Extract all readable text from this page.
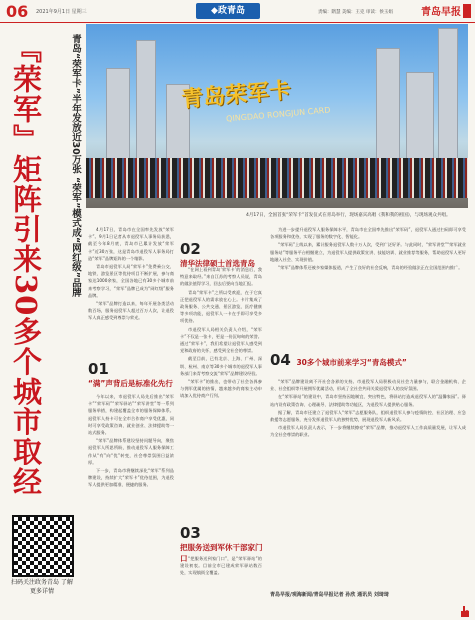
06 2021年9月1日 星期三	◆政青岛	责编：隋慧 美编：王克 审读：侯玉娟	青岛早报
『荣军』矩阵引来30多个城市取经	青岛“荣军卡”半年发放近30万张 “荣军”模式成“网红级”品牌
扫码关注政务青岛 了解更多详情
青岛荣军卡
QINGDAO RONGJUN CARD
4月17日，全国首张“荣军卡”首发仪式在青岛举行，现场嘉宾高唱《我和我的祖国》，与现场观众共唱。

4月17日，青岛市在全国率先发放“荣军卡”。9月1日记者从市退役军人事务局获悉，截至今年8月底，青岛市已累计发放“荣军卡”近30万张，这是青岛市退役军人事务局打造“荣军”品牌矩阵的一个缩影。

青岛市退役军人局“荣军卡”免费乘公交、地铁、游览景区等优待项目不断扩展，参与商家达1000余家，全国各地已有30多个城市前来考察学习，“荣军”品牌已成为“网红级”服务品牌。

“荣军”品牌打造以来，每年开展各类活动数百场，服务退役军人超过百万人次，让退役军人真正感受到尊崇与荣光。

01
“满”声背后是标准化先行

今年以来，市退役军人局先后推出“荣军卡”“荣军码”“荣军驿站”“荣军讲堂”等一系列服务举措，构建起覆盖全市的服务保障体系。退役军人持卡可在全市合作商户享受优惠，同时可享受政策咨询、就业创业、法律援助等一站式服务。

“荣军”品牌体系建设坚持问题导向，聚焦退役军人所思所盼，推动退役军人服务保障工作从“有”向“优”转变，社会尊崇氛围日益浓厚。

下一步，青岛市将继续深化“荣军”系列品牌建设，持续扩大“荣军卡”优待范围，为退役军人提供更加精准、便捷的服务。

02
清华法律硕士首选青岛

“在网上看到青岛‘荣军卡’的消息后，我特意来取经。”来自江苏的考察人员说，青岛的做法值得学习，回去后要向当地汇报。

青岛“荣军卡”之所以受欢迎，在于它真正把退役军人的需求放在心上。卡片集成了政务服务、公共交通、景区游览、医疗健康等多项功能，退役军人一卡在手即可享受多项优待。

市退役军人局相关负责人介绍，“荣军卡”不仅是一张卡，更是一份沉甸甸的荣誉。通过“荣军卡”，我们希望让退役军人感受到党和政府的关怀，感受到全社会的尊崇。

截至目前，已有北京、上海、广州、深圳、杭州、南京等30多个城市的退役军人事务部门来青考察交流“荣军”品牌建设经验。

“荣军卡”的推出，也带动了社会各界参与拥军优属的热情，越来越多的商家主动申请加入优待商户行列。

03
把服务送到军休干部家门口 “把服务送到家门口”，是“荣军驿站”的建设初衷。目前全市已建成荣军驿站数百处，实现镇街全覆盖。

为进一步提升退役军人服务保障水平，青岛市在全国率先推出“荣军码”，退役军人通过扫码即可享受各项服务和优待，实现了服务的数字化、智能化。

“荣军码”上线以来，累计服务退役军人数十万人次，受到广泛好评。与此同时，“荣军讲堂”“荣军就业服务站”等服务平台相继建立，为退役军人提供政策宣讲、技能培训、就业推荐等服务，帮助退役军人更好地融入社会、实现价值。

“荣军”品牌体系还被多家媒体报道，产生了良好的社会反响，青岛的经验做法正在全国范围内推广。

04 30多个城市前来学习“青岛模式”

“荣军”品牌建设离不开社会各界的支持。市退役军人局积极动员社会力量参与，联合金融机构、企业、社会组织等开展拥军优属活动，形成了全社会共同关爱退役军人的良好氛围。

在“荣军驿站”的建设中，青岛市坚持因地制宜、突出特色，将驿站打造成退役军人的“温馨家园”。驿站内设有政策咨询、心理疏导、法律援助等功能区，为退役军人提供贴心服务。

据了解，青岛市还建立了退役军人“荣军”志愿服务队，组织退役军人参与疫情防控、社区治理、应急救援等志愿服务，充分发挥退役军人的独特优势，展现退役军人新风采。

市退役军人局负责人表示，下一步将继续擦亮“荣军”品牌，推动退役军人工作高质量发展，让军人成为全社会尊崇的职业。

青岛早报/观海新闻/青岛早报记者 孙欣 通讯员 刘琦琦
